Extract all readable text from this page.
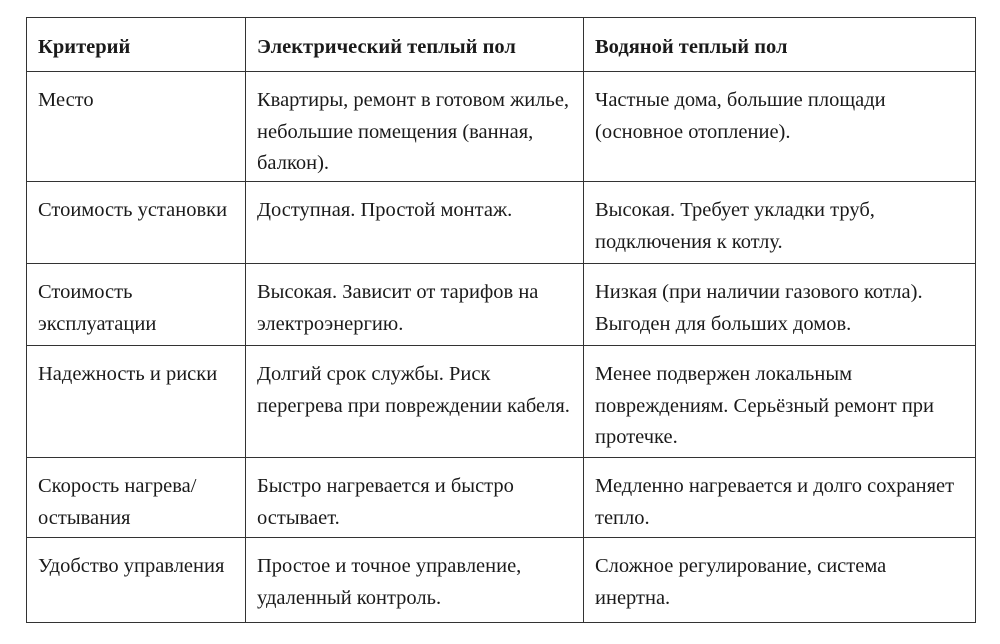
Критерий	Электрический теплый пол	Водяной теплый пол
Место	Квартиры, ремонт в готовом жилье, небольшие помещения (ванная, балкон).	Частные дома, большие площади (основное отопление).
Стоимость установки	Доступная. Простой монтаж.	Высокая. Требует укладки труб, подключения к котлу.
Стоимость эксплуатации	Высокая. Зависит от тарифов на электроэнергию.	Низкая (при наличии газового котла). Выгоден для больших домов.
Надежность и риски	Долгий срок службы. Риск перегрева при повреждении кабеля.	Менее подвержен локальным повреждениям. Серьёзный ремонт при протечке.
Скорость нагрева/остывания	Быстро нагревается и быстро остывает.	Медленно нагревается и долго сохраняет тепло.
Удобство управления	Простое и точное управление, удаленный контроль.	Сложное регулирование, система инертна.
